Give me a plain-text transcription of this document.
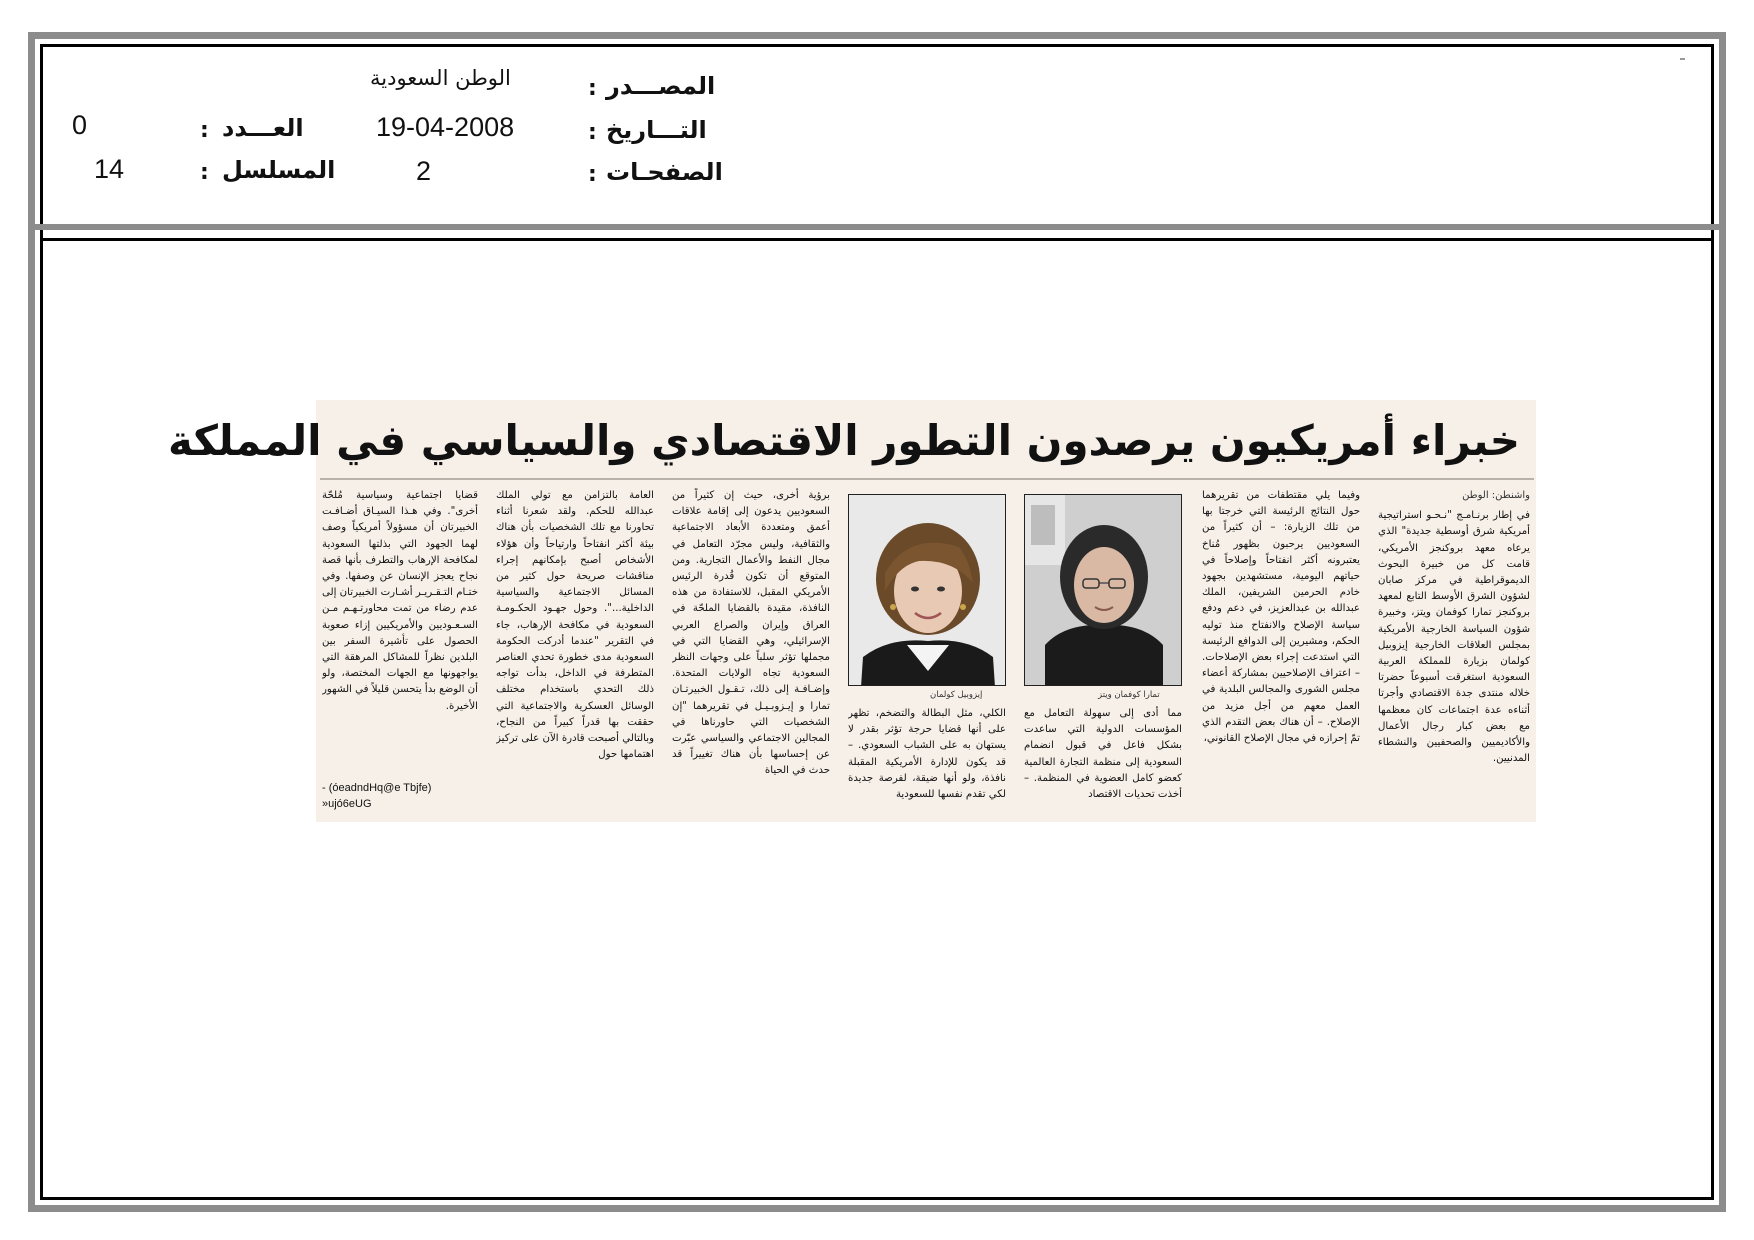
المصـــدر
:
الوطن السعودية
التـــاريخ
:
19-04-2008
العـــدد
:
0
الصفحـات
:
2
المسلسل
:
14
خبراء أمريكيون يرصدون التطور الاقتصادي والسياسي في المملكة
واشنطن: الوطن

في إطار برنـامـج "نـحـو استراتيجية أمريكية شرق أوسطية جديدة" الذي يرعاه معهد بروكنجز الأمريكي، قامت كل من خبيرة البحوث الديموقراطية في مركز صابان لشؤون الشرق الأوسط التابع لمعهد بروكنجز تمارا كوفمان ويتز، وخبيرة شؤون السياسة الخارجية الأمريكية بمجلس العلاقات الخارجية إيزوبيل كولمان بزيارة للمملكة العربية السعودية استغرقت أسبوعاً حضرتا خلاله منتدى جدة الاقتصادي وأجرتا أثناءه عدة اجتماعات كان معظمها مع بعض كبار رجال الأعمال والأكاديميين والصحفيين والنشطاء المدنيين.

وفيما يلي مقتطفات من تقريرهما حول النتائج الرئيسة التي خرجتا بها من تلك الزيارة: – أن كثيراً من السعوديين يرحبون بظهور مُناخ يعتبرونه أكثر انفتاحاً وإصلاحاً في حياتهم اليومية، مستشهدين بجهود خادم الحرمين الشريفين، الملك عبدالله بن عبدالعزيز، في دعم ودفع سياسة الإصلاح والانفتاح منذ توليه الحكم، ومشيرين إلى الدوافع الرئيسة التي استدعت إجراء بعض الإصلاحات. – اعتراف الإصلاحيين بمشاركة أعضاء مجلس الشورى والمجالس البلدية في العمل معهم من أجل مزيد من الإصلاح. – أن هناك بعض التقدم الذي تمّ إحرازه في مجال الإصلاح القانوني،

تمارا كوفمان ويتز

مما أدى إلى سهولة التعامل مع المؤسسات الدولية التي ساعدت بشكل فاعل في قبول انضمام السعودية إلى منظمة التجارة العالمية كعضو كامل العضوية في المنظمة. – أخذت تحديات الاقتصاد

إيزوبيل كولمان

الكلي، مثل البطالة والتضخم، تظهر على أنها قضايا حرجة تؤثر بقدر لا يستهان به على الشباب السعودي. – قد يكون للإدارة الأمريكية المقبلة نافذة، ولو أنها ضيقة، لفرصة جديدة لكي تقدم نفسها للسعودية

برؤية أخرى، حيث إن كثيراً من السعوديين يدعون إلى إقامة علاقات أعمق ومتعددة الأبعاد الاجتماعية والثقافية، وليس مجرّد التعامل في مجال النفط والأعمال التجارية. ومن المتوقع أن تكون قُدرة الرئيس الأمريكي المقبل، للاستفادة من هذه النافذة، مقيدة بالقضايا الملحّة في العراق وإيران والصراع العربي الإسرائيلي، وهي القضايا التي في مجملها تؤثر سلباً على وجهات النظر السعودية تجاه الولايات المتحدة. وإضـافـة إلى ذلك، تـقـول الخبيرتـان تمارا و إيـزوبـيـل في تقريرهما "إن الشخصيات التي حاورناها في المجالين الاجتماعي والسياسي عبّرت عن إحساسها بأن هناك تغييراً قد حدث في الحياة

العامة بالتزامن مع تولي الملك عبدالله للحكم. ولقد شعرنا أثناء تحاورنا مع تلك الشخصيات بأن هناك بيئة أكثر انفتاحاً وارتياحاً وأن هؤلاء الأشخاص أصبح بإمكانهم إجراء مناقشات صريحة حول كثير من المسائل الاجتماعية والسياسية الداخلية...". وحول جهـود الحكـومـة السعودية في مكافحة الإرهاب، جاء في التقرير "عندما أدركت الحكومة السعودية مدى خطورة تحدي العناصر المتطرفة في الداخل، بدأت تواجه ذلك التحدي باستخدام مختلف الوسائل العسكرية والاجتماعية التي حققت بها قدراً كبيراً من النجاح، وبالتالي أصبحت قادرة الآن على تركيز اهتمامها حول

قضايا اجتماعية وسياسية مُلحّة أخرى". وفي هـذا السيـاق أضـافـت الخبيرتان أن مسؤولاً أمريكياً وصف لهما الجهود التي بذلتها السعودية لمكافحة الإرهاب والتطرف بأنها قصة نجاح يعجز الإنسان عن وصفها. وفي ختـام التـقـريـر أشـارت الخبيرتان إلى عدم رضاء من تمت محاورتـهـم مـن السـعـوديين والأمريكيين إزاء صعوبة الحصول على تأشيرة السفر بين البلدين نظراً للمشاكل المرهقة التي يواجهونها مع الجهات المختصة، ولو أن الوضع بدأ يتحسن قليلاً في الشهور الأخيرة.

- (óeadndHq@e Tbjfe) »ujó6eUG
